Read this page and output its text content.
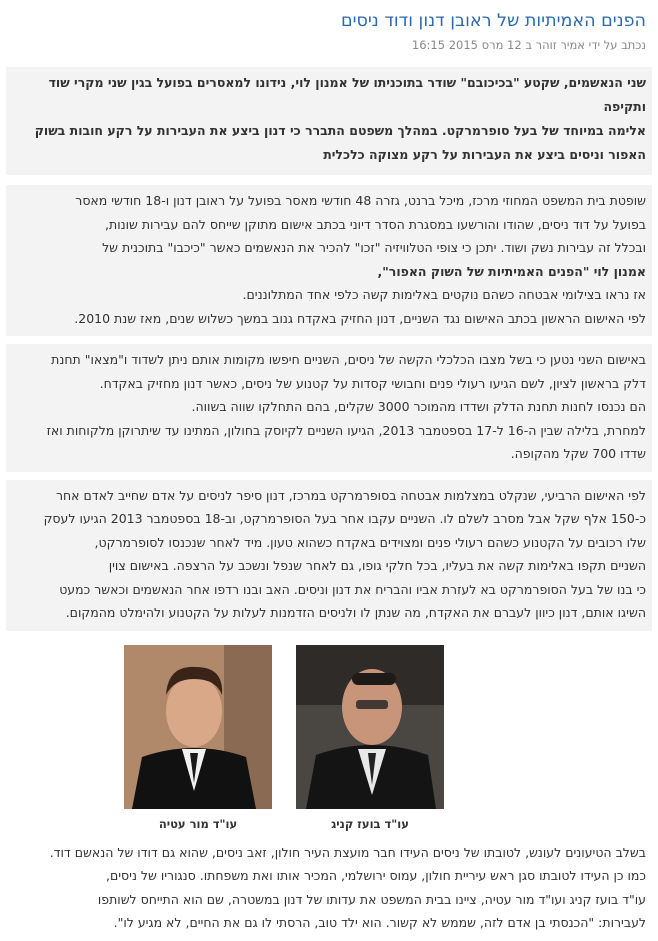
הפנים האמיתיות של ראובן דנון ודוד ניסים
נכתב על ידי אמיר זוהר ב 12 מרס 2015 16:15

שני הנאשמים, שקטע "בכיכובם" שודר בתוכניתו של אמנון לוי, נידונו למאסרים בפועל בגין שני מקרי שוד ותקיפה

אלימה במיוחד של בעל סופרמרקט. במהלך משפטם התברר כי דנון ביצע את העבירות על רקע חובות בשוק

האפור וניסים ביצע את העבירות על רקע מצוקה כלכלית

שופטת בית המשפט המחוזי מרכז, מיכל ברנט, גזרה 48 חודשי מאסר בפועל על ראובן דנון ו-18 חודשי מאסר

בפועל על דוד ניסים, שהודו והורשעו במסגרת הסדר דיוני בכתב אישום מתוקן שייחס להם עבירות שונות,

ובכלל זה עבירות נשק ושוד. יתכן כי צופי הטלוויזיה "זכו" להכיר את הנאשמים כאשר "כיכבו" בתוכנית של

אמנון לוי "הפנים האמיתיות של השוק האפור",

אז נראו בצילומי אבטחה כשהם נוקטים באלימות קשה כלפי אחד המתלוננים.

לפי האישום הראשון בכתב האישום נגד השניים, דנון החזיק באקדח גנוב במשך כשלוש שנים, מאז שנת 2010.

באישום השני נטען כי בשל מצבו הכלכלי הקשה של ניסים, השניים חיפשו מקומות אותם ניתן לשדוד ו"מצאו" תחנת

דלק בראשון לציון, לשם הגיעו רעולי פנים וחבושי קסדות על קטנוע של ניסים, כאשר דנון מחזיק באקדח.

הם נכנסו לחנות תחנת הדלק ושדדו מהמוכר 3000 שקלים, בהם התחלקו שווה בשווה.

למחרת, בלילה שבין ה-16 ל-17 בספטמבר 2013, הגיעו השניים לקיוסק בחולון, המתינו עד שיתרוקן מלקוחות ואז

שדדו 700 שקל מהקופה.

לפי האישום הרביעי, שנקלט במצלמות אבטחה בסופרמרקט במרכז, דנון סיפר לניסים על אדם שחייב לאדם אחר

כ-150 אלף שקל אבל מסרב לשלם לו. השניים עקבו אחר בעל הסופרמרקט, וב-18 בספטמבר 2013 הגיעו לעסק

שלו רכובים על הקטנוע כשהם רעולי פנים ומצוידים באקדח כשהוא טעון. מיד לאחר שנכנסו לסופרמרקט,

השניים תקפו באלימות קשה את בעליו, בכל חלקי גופו, גם לאחר שנפל ונשכב על הרצפה. באישום צוין

כי בנו של בעל הסופרמרקט בא לעזרת אביו והבריח את דנון וניסים. האב ובנו רדפו אחר הנאשמים וכאשר כמעט

השיגו אותם, דנון כיוון לעברם את האקדח, מה שנתן לו ולניסים הזדמנות לעלות על הקטנוע ולהימלט מהמקום.

עו"ד בועז קניג
עו"ד מור עטיה

בשלב הטיעונים לעונש, לטובתו של ניסים העידו חבר מועצת העיר חולון, זאב ניסים, שהוא גם דודו של הנאשם דוד.

כמו כן העידו לטובתו סגן ראש עיריית חולון, עמוס ירושלמי, המכיר אותו ואת משפחתו. סנגוריו של ניסים,

עו"ד בועז קניג ועו"ד מור עטיה, ציינו בבית המשפט את עדותו של דנון במשטרה, שם הוא התייחס לשותפו

לעבירות: "הכנסתי בן אדם לזה, שממש לא קשור. הוא ילד טוב, הרסתי לו גם את החיים, לא מגיע לו".
